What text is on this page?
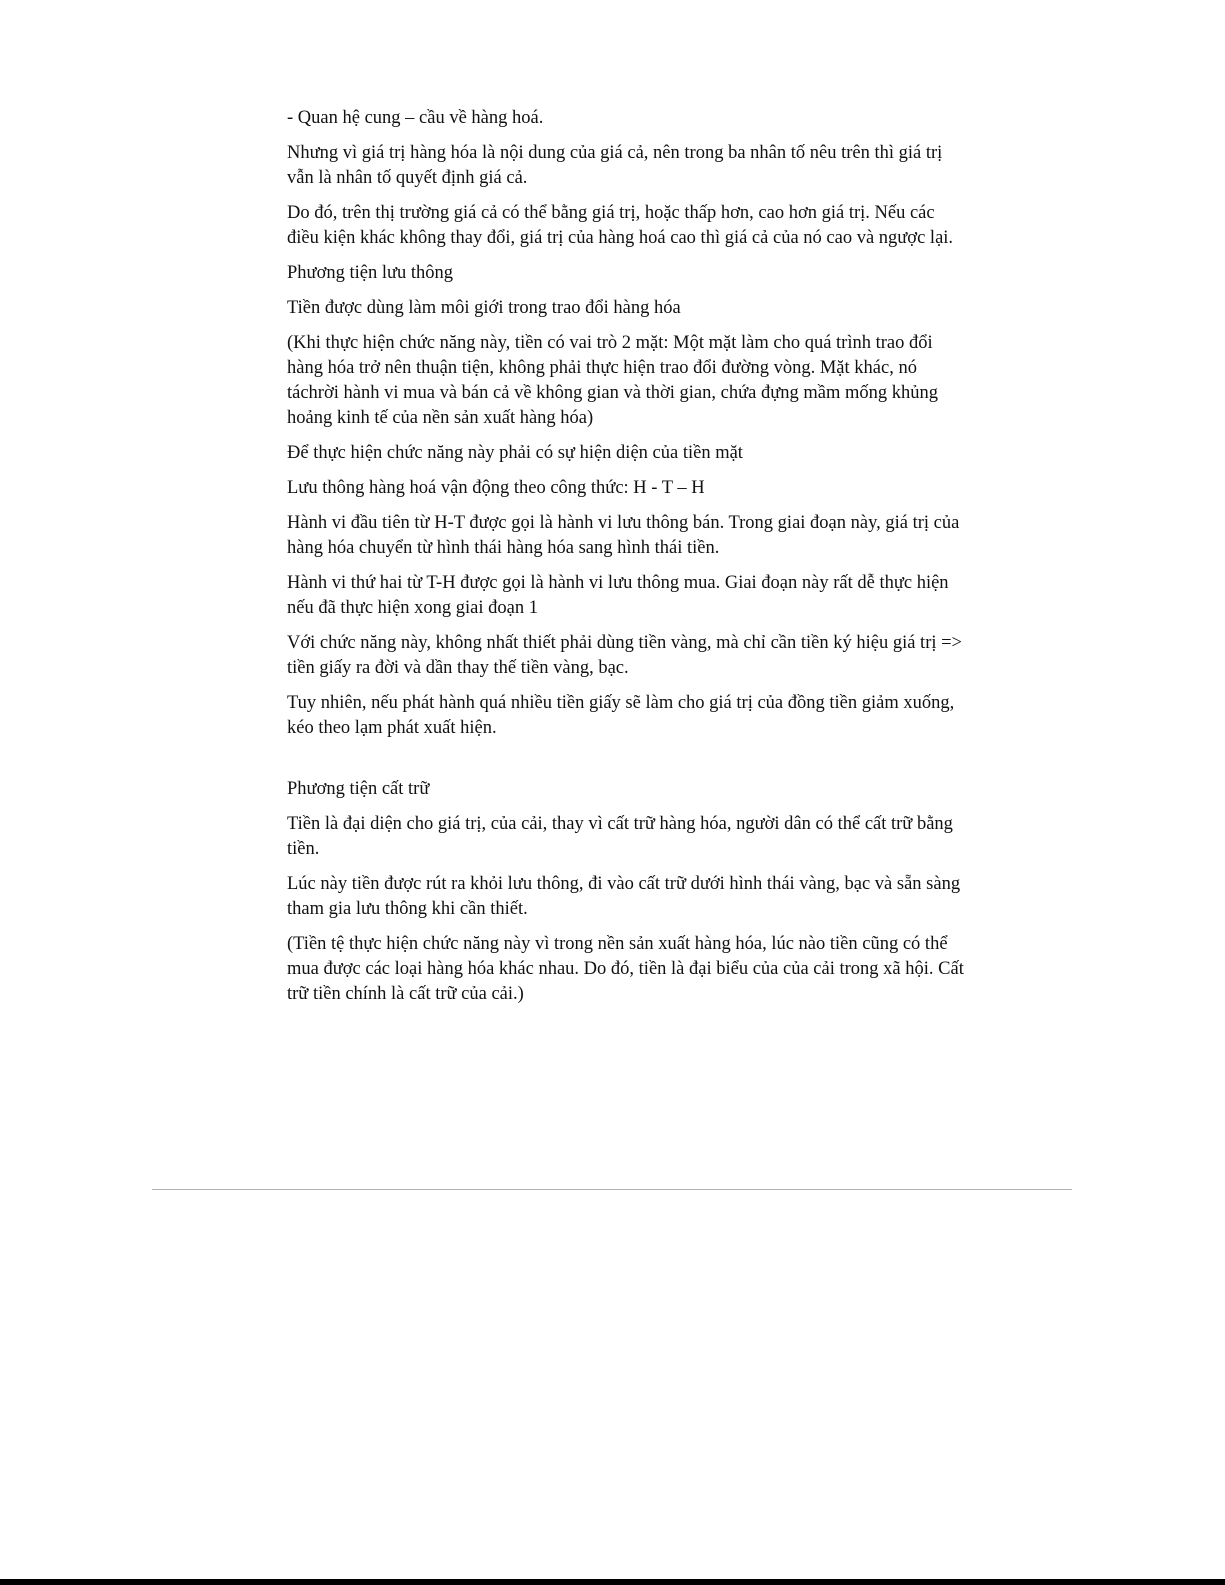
- Quan hệ cung – cầu về hàng hoá.

Nhưng vì giá trị hàng hóa là nội dung của giá cả, nên trong ba nhân tố nêu trên thì giá trị vẫn là nhân tố quyết định giá cả.

Do đó, trên thị trường giá cả có thể bằng giá trị, hoặc thấp hơn, cao hơn giá trị. Nếu các điều kiện khác không thay đổi, giá trị của hàng hoá cao thì giá cả của nó cao và ngược lại.

Phương tiện lưu thông

Tiền được dùng làm môi giới trong trao đổi hàng hóa

(Khi thực hiện chức năng này, tiền có vai trò 2 mặt: Một mặt làm cho quá trình trao đổi hàng hóa trở nên thuận tiện, không phải thực hiện trao đổi đường vòng. Mặt khác, nó táchrời hành vi mua và bán cả về không gian và thời gian, chứa đựng mầm mống khủng hoảng kinh tế của nền sản xuất hàng hóa)

Để thực hiện chức năng này phải có sự hiện diện của tiền mặt

Lưu thông hàng hoá vận động theo công thức: H - T – H

Hành vi đầu tiên từ H-T được gọi là hành vi lưu thông bán. Trong giai đoạn này, giá trị của hàng hóa chuyển từ hình thái hàng hóa sang hình thái tiền.

Hành vi thứ hai từ T-H được gọi là hành vi lưu thông mua. Giai đoạn này rất dễ thực hiện nếu đã thực hiện xong giai đoạn 1

Với chức năng này, không nhất thiết phải dùng tiền vàng, mà chỉ cần tiền ký hiệu giá trị => tiền giấy ra đời và dần thay thế tiền vàng, bạc.

Tuy nhiên, nếu phát hành quá nhiều tiền giấy sẽ làm cho giá trị của đồng tiền giảm xuống, kéo theo lạm phát xuất hiện.

Phương tiện cất trữ

Tiền là đại diện cho giá trị, của cải, thay vì cất trữ hàng hóa, người dân có thể cất trữ bằng tiền.

Lúc này tiền được rút ra khỏi lưu thông, đi vào cất trữ dưới hình thái vàng, bạc và sẵn sàng tham gia lưu thông khi cần thiết.

(Tiền tệ thực hiện chức năng này vì trong nền sản xuất hàng hóa, lúc nào tiền cũng có thể mua được các loại hàng hóa khác nhau. Do đó, tiền là đại biểu của của cải trong xã hội. Cất trữ tiền chính là cất trữ của cải.)
